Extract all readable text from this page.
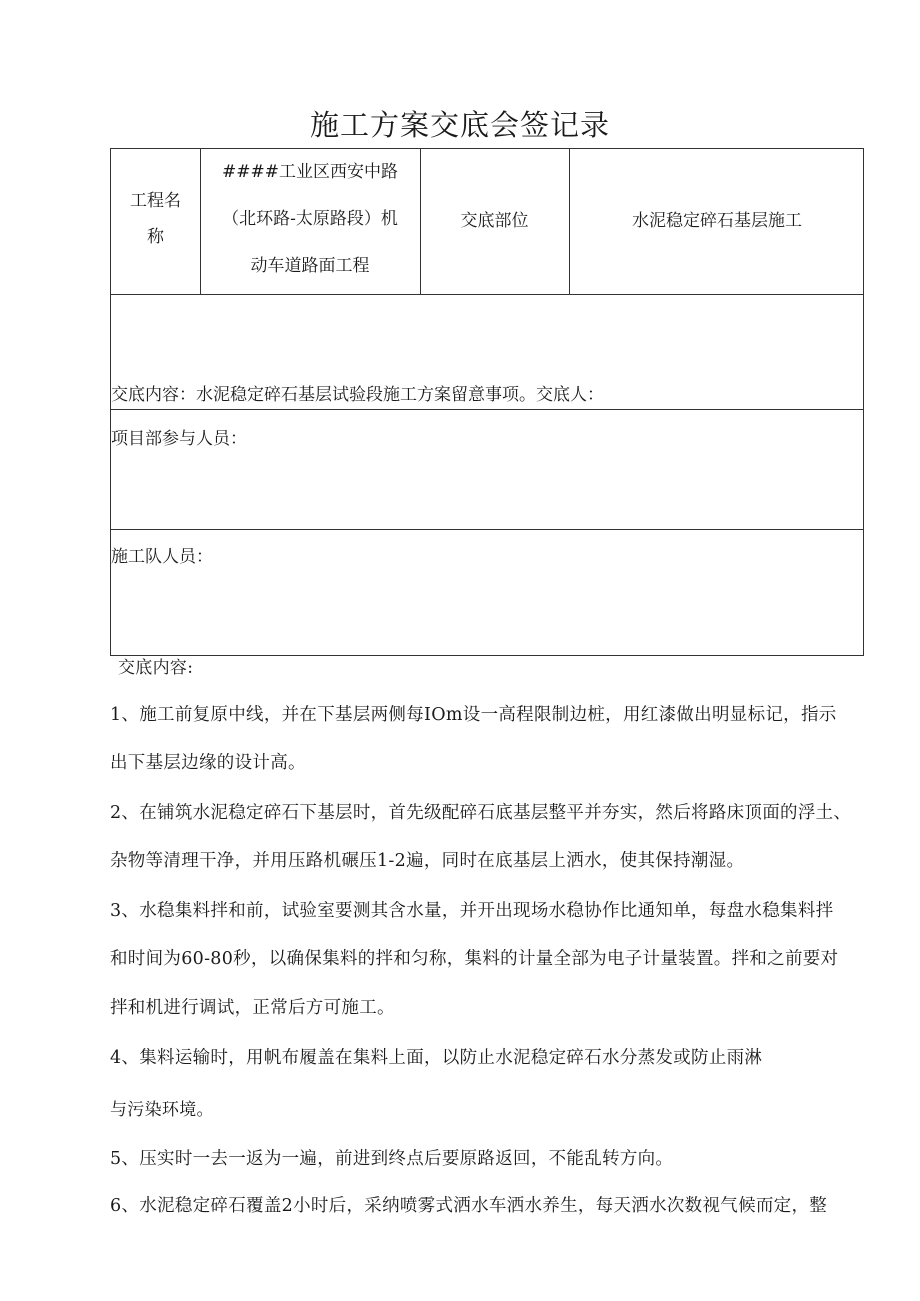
施工方案交底会签记录
工程名
称
####工业区西安中路
（北环路-太原路段）机
动车道路面工程
交底部位	水泥稳定碎石基层施工
交底内容：水泥稳定碎石基层试验段施工方案留意事项。交底人：
项目部参与人员：
施工队人员：
交底内容:
1、施工前复原中线，并在下基层两侧每IOm设一高程限制边桩，用红漆做出明显标记，指示
出下基层边缘的设计高。
2、在铺筑水泥稳定碎石下基层时，首先级配碎石底基层整平并夯实，然后将路床顶面的浮土、
杂物等清理干净，并用压路机碾压1-2遍，同时在底基层上洒水，使其保持潮湿。
3、水稳集料拌和前，试验室要测其含水量，并开出现场水稳协作比通知单，每盘水稳集料拌
和时间为60-80秒，以确保集料的拌和匀称，集料的计量全部为电子计量装置。拌和之前要对
拌和机进行调试，正常后方可施工。
4、集料运输时，用帆布履盖在集料上面，以防止水泥稳定碎石水分蒸发或防止雨淋
与污染环境。
5、压实时一去一返为一遍，前进到终点后要原路返回，不能乱转方向。
6、水泥稳定碎石覆盖2小时后，采纳喷雾式洒水车洒水养生，每天洒水次数视气候而定，整
